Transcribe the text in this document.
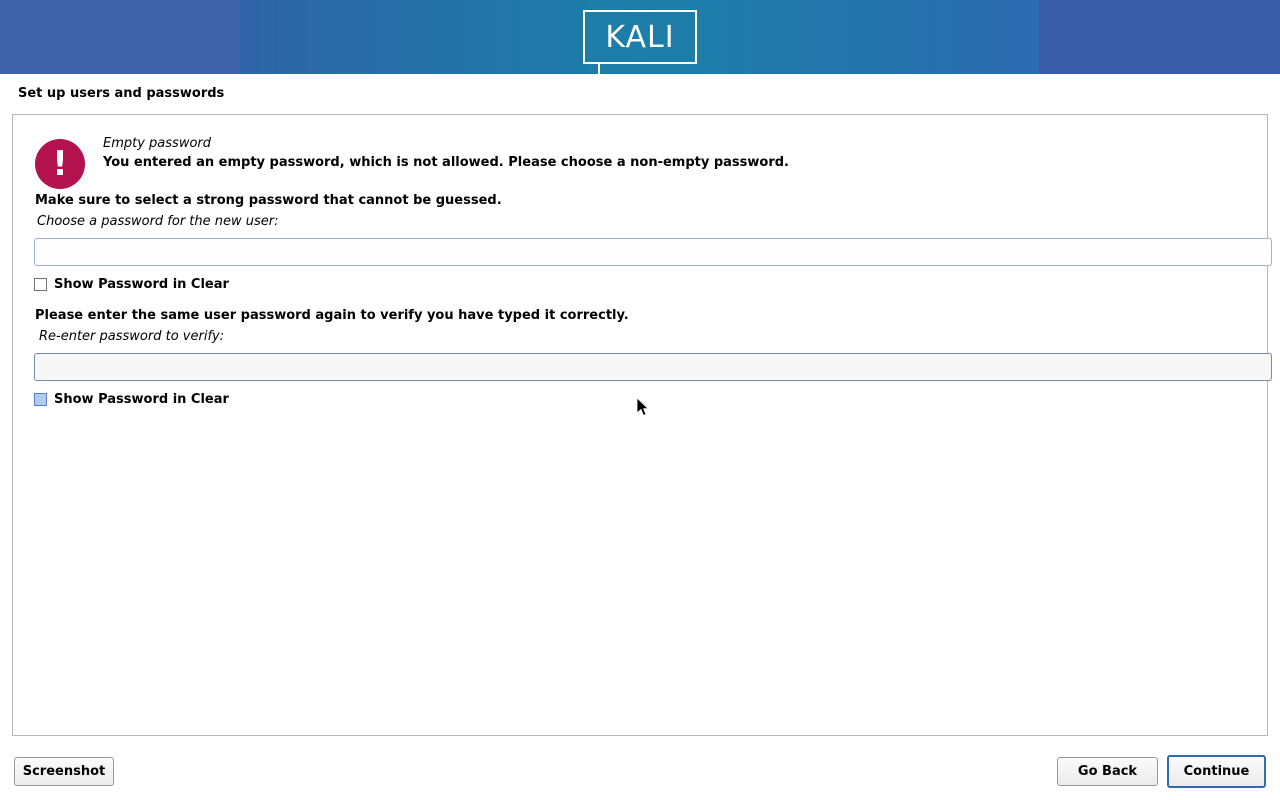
KALI
Set up users and passwords
!
Empty password
You entered an empty password, which is not allowed. Please choose a non-empty password.
Make sure to select a strong password that cannot be guessed.
Choose a password for the new user:
Show Password in Clear
Please enter the same user password again to verify you have typed it correctly.
Re-enter password to verify:
Show Password in Clear
Screenshot	Go Back	Continue
